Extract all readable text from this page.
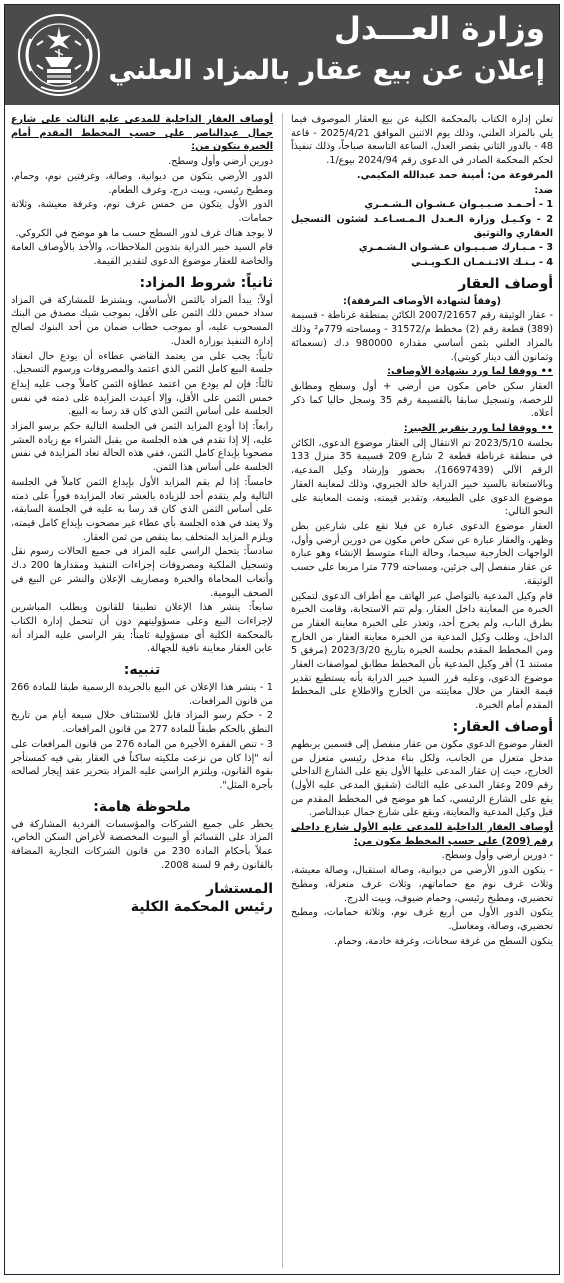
وزارة العـــدل
إعلان عن بيع عقار بالمزاد العلني

تعلن إدارة الكتاب بالمحكمة الكلية عن بيع العقار الموصوف فيما يلي بالمزاد العلني، وذلك يوم الاثنين الموافق 2025/4/21 - قاعة 48 - بالدور الثاني بقصر العدل، الساعة التاسعة صباحاً، وذلك تنفيذاً لحكم المحكمة الصادر في الدعوى رقم 2024/94 بيوع/1.

المرفوعة من: أمينة حمد عبدالله المكيمي.

ضد:

1 - أحـمـد صـبـيـوان عـشـوان الـشـمـري

2 - وكـيـل وزارة الـعـدل الـمـسـاعـد لشئون التسجيل العقاري والتوثيق

3 - مـبـارك صـبـيـوان عـشـوان الـشـمـري

4 - بـنـك الائـتـمـان الـكـويـتـي

أوصاف العقار

(وفقاً لشهادة الأوصاف المرفقة):

- عقار الوثيقة رقم 2007/21657 الكائن بمنطقة غرناطة - قسيمة (389) قطعة رقم (2) مخطط م/31572 - ومساحته 779م² وذلك بالمزاد العلني بثمن أساسي مقداره 980000 د.ك (تسعمائة وثمانون ألف دينار كويتي).

•• ووفقا لما ورد بشهادة الأوصاف:

العقار سكن خاص مكون من أرضي + أول وسطح ومطابق للرخصة، وتسجيل سابقا بالقسيمة رقم 35 وسجل حاليا كما ذكر أعلاه.

•• ووفقا لما ورد بتقرير الخبير:

بجلسة 2023/5/10 تم الانتقال إلى العقار موضوع الدعوى، الكائن في منطقة غرناطة قطعة 2 شارع 209 قسيمة 35 منزل 133 الرقم الآلي (16697439)، بحضور وإرشاد وكيل المدعية، وبالاستعانة بالسيد خبير الدراية خالد الجبروي، وذلك لمعاينة العقار موضوع الدعوى على الطبيعة، وتقدير قيمته، وتمت المعاينة على النحو التالي:

العقار موضوع الدعوى عبارة عن فيلا تقع على شارعين بطن وظهر، والعقار عبارة عن سكن خاص مكون من دورين أرضي وأول، الواجهات الخارجية سيجما، وحالة البناء متوسط الإنشاء وهو عبارة عن عقار منفصل إلى جزئين، ومساحته 779 مترا مربعا على حسب الوثيقة.

قام وكيل المدعية بالتواصل عبر الهاتف مع أطراف الدعوى لتمكين الخبرة من المعاينة داخل العقار، ولم تتم الاستجابة، وقامت الخبرة بطرق الباب، ولم يخرج أحد، وتعذر على الخبرة معاينة العقار من الداخل، وطلب وكيل المدعية من الخبرة معاينة العقار من الخارج ومن المخطط المقدم بجلسة الخبرة بتاريخ 2023/3/20 (مرفق 5 مستند 1) أقر وكيل المدعية بأن المخطط مطابق لمواصفات العقار موضوع الدعوى، وعليه قرر السيد خبير الدراية بأنه يستطيع تقدير قيمة العقار من خلال معاينته من الخارج والاطلاع على المخطط المقدم أمام الخبرة.

أوصاف العقار:

العقار موضوع الدعوى مكون من عقار منفصل إلى قسمين يربطهم مدخل متعزل من الجانب، ولكل بناء مدخل رئيسي متعزل من الخارج، حيث إن عقار المدعى عليها الأول يقع على الشارع الداخلي رقم 209 وعقار المدعى عليه الثالث (شقيق المدعى عليه الأول) يقع على الشارع الرئيسي، كما هو موضح في المخطط المقدم من قبل وكيل المدعية والمعاينة، ويقع على شارع جمال عبدالناصر.

أوصاف العقار الداخلية للمدعى عليه الأول شارع داخلي رقم (209) على حسب المخطط مكون من:

- دورين أرضي وأول وسطح.

- يتكون الدور الأرضي من ديوانية، وصالة استقبال، وصالة معيشة، وثلاث غرف نوم مع حماماتهم، وثلاث غرف منعزلة، ومطبخ تحضيري، ومطبخ رئيسي، وحمام ضيوف، وبيت الدرج.

يتكون الدور الأول من أربع غرف نوم، وثلاثة حمامات، ومطبخ تحضيري، وصالة، ومغاسل.

يتكون السطح من غرفة سخانات، وغرفة خادمة، وحمام.

أوصاف العقار الداخلية للمدعى عليه الثالث على شارع جمال عبدالناصر على حسب المخطط المقدم أمام الخبرة يتكون من:

دورين أرضي وأول وسطح.

الدور الأرضي يتكون من ديوانية، وصالة، وغرفتين نوم، وحمام، ومطبخ رئيسي، وبيت درج، وغرف الطعام.

الدور الأول يتكون من خمس غرف نوم، وغرفة معيشة، وثلاثة حمامات.

لا يوجد هناك غرف لدور السطح حسب ما هو موضح في الكروكي.

قام السيد خبير الدراية بتدوين الملاحظات، والأخذ بالأوصاف العامة والخاصة للعقار موضوع الدعوى لتقدير القيمة.

ثانياً: شروط المزاد:

أولاً: يبدأ المزاد بالثمن الأساسي، ويشترط للمشاركة في المزاد سداد خمس ذلك الثمن على الأقل، بموجب شيك مصدق من البنك المسحوب عليه، أو بموجب خطاب ضمان من أحد البنوك لصالح إدارة التنفيذ بوزارة العدل.

ثانياً: يجب على من يعتمد القاضي عطاءه أن يودع حال انعقاد جلسة البيع كامل الثمن الذي اعتمد والمصروفات ورسوم التسجيل.

ثالثاً: فإن لم يودع من اعتمد عطاؤه الثمن كاملاً وجب عليه إيداع خمس الثمن على الأقل، وإلا أعيدت المزايدة على ذمته في نفس الجلسة على أساس الثمن الذي كان قد رسا به البيع.

رابعاً: إذا أودع المزايد الثمن في الجلسة التالية حكم برسو المزاد عليه، إلا إذا تقدم في هذه الجلسة من يقبل الشراء مع زيادة العشر مصحوبا بإيداع كامل الثمن، ففي هذه الحالة تعاد المزايدة في نفس الجلسة على أساس هذا الثمن.

خامساً: إذا لم يقم المزايد الأول بإيداع الثمن كاملاً في الجلسة التالية ولم يتقدم أحد للزيادة بالعشر تعاد المزايدة فوراً على ذمته على أساس الثمن الذي كان قد رسا به عليه في الجلسة السابقة، ولا يعتد في هذه الجلسة بأي عطاء غير مصحوب بإيداع كامل قيمته، ويلزم المزايد المتخلف بما ينقص من ثمن العقار.

سادساً: يتحمل الراسي عليه المزاد في جميع الحالات رسوم نقل وتسجيل الملكية ومصروفات إجراءات التنفيذ ومقدارها 200 د.ك وأتعاب المحاماة والخبرة ومصاريف الإعلان والنشر عن البيع في الصحف اليومية.

سابعاً: ينشر هذا الإعلان تطبيقا للقانون وبطلب المباشرين لإجراءات البيع وعلى مسؤوليتهم دون أن تتحمل إدارة الكتاب بالمحكمة الكلية أي مسؤولية ثامناً: يقر الراسي عليه المزاد أنه عاين العقار معاينة نافية للجهالة.

تنبيه:

1 - ينشر هذا الإعلان عن البيع بالجريدة الرسمية طبقا للمادة 266 من قانون المرافعات.

2 - حكم رسو المزاد قابل للاستئناف خلال سبعة أيام من تاريخ النطق بالحكم طبقاً للمادة 277 من قانون المرافعات.

3 - تنص الفقرة الأخيرة من المادة 276 من قانون المرافعات على أنه "إذا كان من نزعت ملكيته ساكناً في العقار بقي فيه كمستأجر بقوة القانون، ويلتزم الراسي عليه المزاد بتحرير عقد إيجار لصالحه بأجرة المثل".

ملحوظة هامة:

يحظر على جميع الشركات والمؤسسات الفردية المشاركة في المزاد على القسائم أو البيوت المخصصة لأغراض السكن الخاص، عملاً بأحكام المادة 230 من قانون الشركات التجارية المضافة بالقانون رقم 9 لسنة 2008.

المستشار
رئيس المحكمة الكلية
